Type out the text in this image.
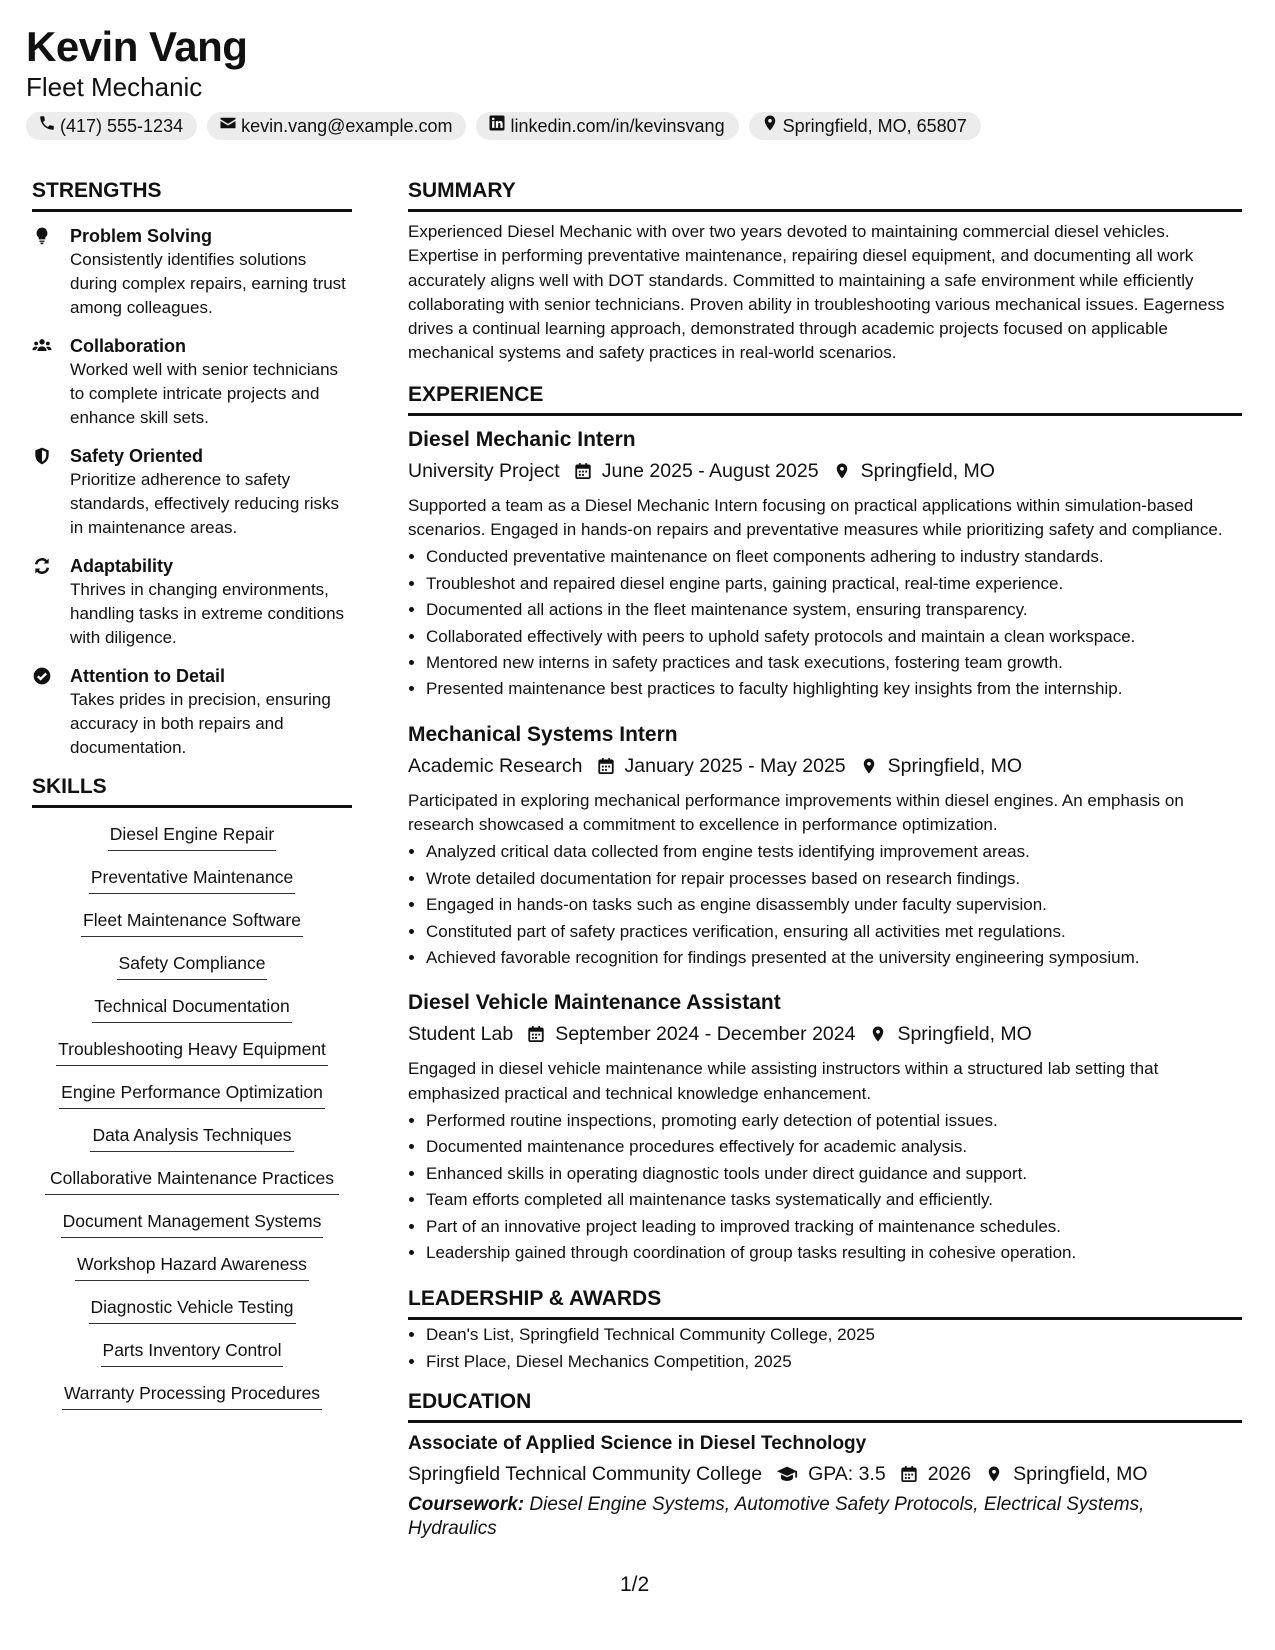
Kevin Vang
Fleet Mechanic
(417) 555-1234	kevin.vang@example.com	linkedin.com/in/kevinsvang	Springfield, MO, 65807
STRENGTHS
Problem Solving
Consistently identifies solutions during complex repairs, earning trust among colleagues.
Collaboration
Worked well with senior technicians to complete intricate projects and enhance skill sets.
Safety Oriented
Prioritize adherence to safety standards, effectively reducing risks in maintenance areas.
Adaptability
Thrives in changing environments, handling tasks in extreme conditions with diligence.
Attention to Detail
Takes prides in precision, ensuring accuracy in both repairs and documentation.
SKILLS
Diesel Engine Repair
Preventative Maintenance
Fleet Maintenance Software
Safety Compliance
Technical Documentation
Troubleshooting Heavy Equipment
Engine Performance Optimization
Data Analysis Techniques
Collaborative Maintenance Practices
Document Management Systems
Workshop Hazard Awareness
Diagnostic Vehicle Testing
Parts Inventory Control
Warranty Processing Procedures
SUMMARY

Experienced Diesel Mechanic with over two years devoted to maintaining commercial diesel vehicles. Expertise in performing preventative maintenance, repairing diesel equipment, and documenting all work accurately aligns well with DOT standards. Committed to maintaining a safe environment while efficiently collaborating with senior technicians. Proven ability in troubleshooting various mechanical issues. Eagerness drives a continual learning approach, demonstrated through academic projects focused on applicable mechanical systems and safety practices in real-world scenarios.

EXPERIENCE
Diesel Mechanic Intern
University Project June 2025 - August 2025 Springfield, MO

Supported a team as a Diesel Mechanic Intern focusing on practical applications within simulation-based scenarios. Engaged in hands-on repairs and preventative measures while prioritizing safety and compliance.

• Conducted preventative maintenance on fleet components adhering to industry standards.
• Troubleshot and repaired diesel engine parts, gaining practical, real-time experience.
• Documented all actions in the fleet maintenance system, ensuring transparency.
• Collaborated effectively with peers to uphold safety protocols and maintain a clean workspace.
• Mentored new interns in safety practices and task executions, fostering team growth.
• Presented maintenance best practices to faculty highlighting key insights from the internship.
Mechanical Systems Intern
Academic Research January 2025 - May 2025 Springfield, MO

Participated in exploring mechanical performance improvements within diesel engines. An emphasis on research showcased a commitment to excellence in performance optimization.

• Analyzed critical data collected from engine tests identifying improvement areas.
• Wrote detailed documentation for repair processes based on research findings.
• Engaged in hands-on tasks such as engine disassembly under faculty supervision.
• Constituted part of safety practices verification, ensuring all activities met regulations.
• Achieved favorable recognition for findings presented at the university engineering symposium.
Diesel Vehicle Maintenance Assistant
Student Lab September 2024 - December 2024 Springfield, MO

Engaged in diesel vehicle maintenance while assisting instructors within a structured lab setting that emphasized practical and technical knowledge enhancement.

• Performed routine inspections, promoting early detection of potential issues.
• Documented maintenance procedures effectively for academic analysis.
• Enhanced skills in operating diagnostic tools under direct guidance and support.
• Team efforts completed all maintenance tasks systematically and efficiently.
• Part of an innovative project leading to improved tracking of maintenance schedules.
• Leadership gained through coordination of group tasks resulting in cohesive operation.
LEADERSHIP & AWARDS
• Dean's List, Springfield Technical Community College, 2025
• First Place, Diesel Mechanics Competition, 2025
EDUCATION
Associate of Applied Science in Diesel Technology
Springfield Technical Community College GPA: 3.5 2026 Springfield, MO
Coursework: Diesel Engine Systems, Automotive Safety Protocols, Electrical Systems, Hydraulics
1/2
